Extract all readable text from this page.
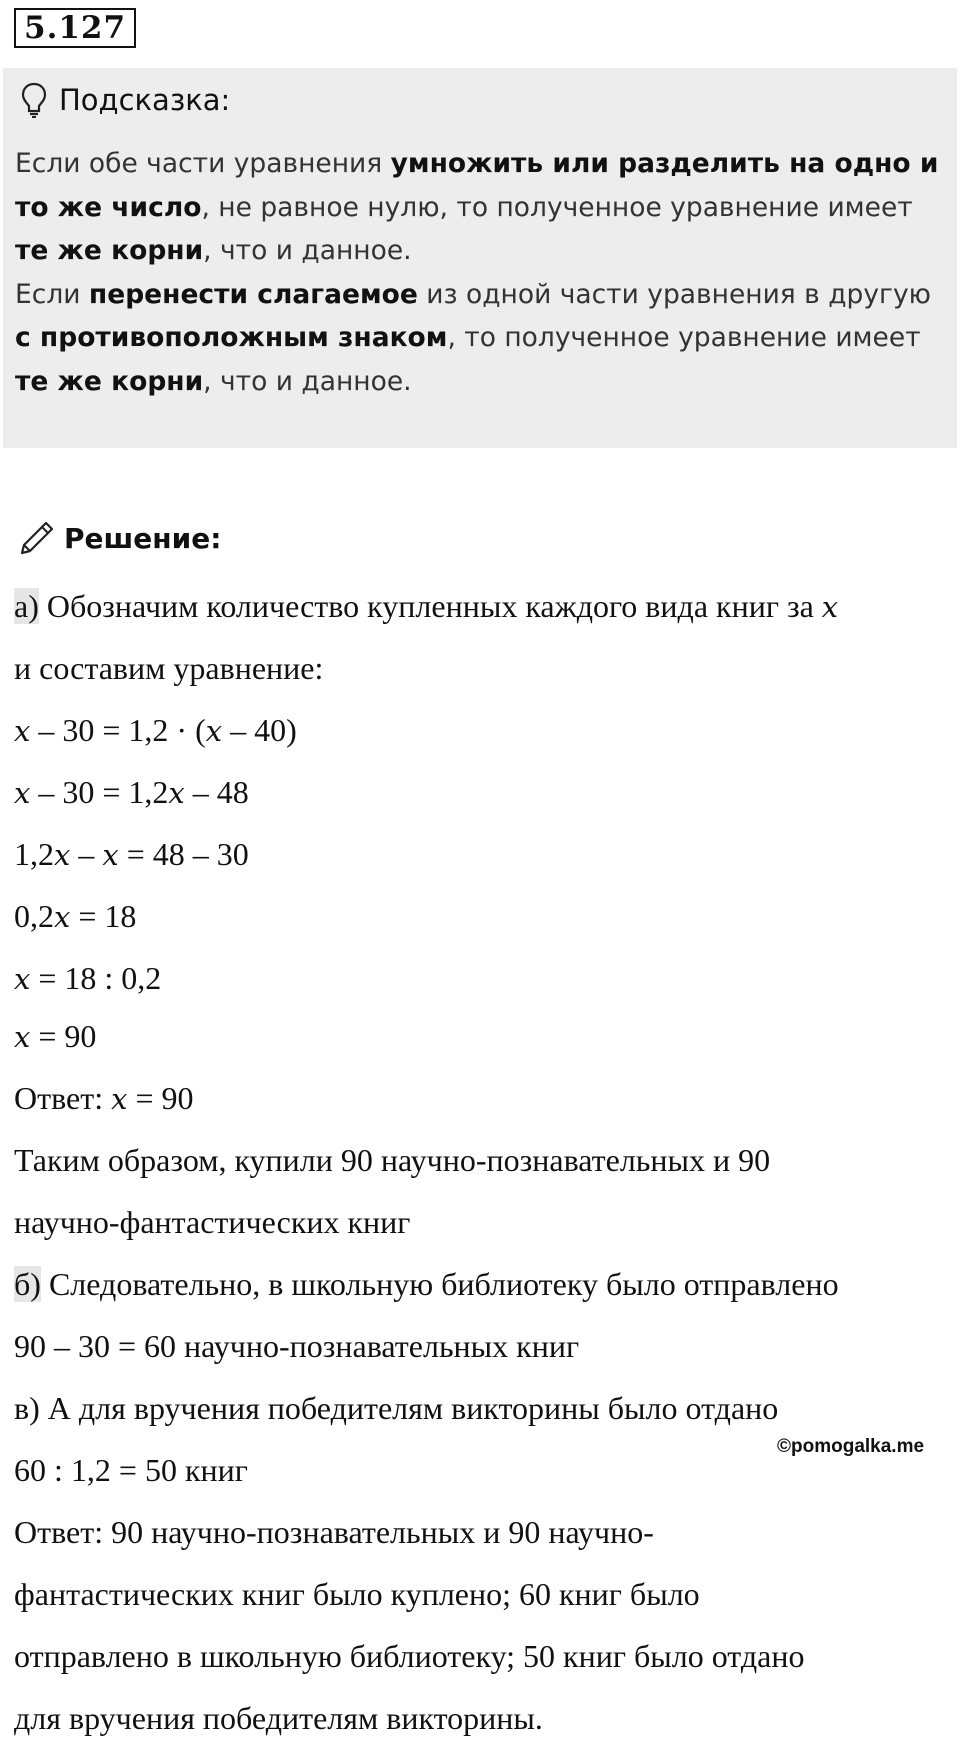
5.127
Подсказка:
Если обе части уравнения умножить или разделить на одно и то же число, не равное нулю, то полученное уравнение имеет те же корни, что и данное.
Если перенести слагаемое из одной части уравнения в другую с противоположным знаком, то полученное уравнение имеет те же корни, что и данное.
Решение:
а) Обозначим количество купленных каждого вида книг за x
и составим уравнение:
x – 30 = 1,2 · (x – 40)
x – 30 = 1,2x – 48
1,2x – x = 48 – 30
0,2x = 18
x = 18 : 0,2
x = 90
Ответ: x = 90
Таким образом, купили 90 научно-познавательных и 90
научно-фантастических книг
б) Следовательно, в школьную библиотеку было отправлено
90 – 30 = 60 научно-познавательных книг
в) А для вручения победителям викторины было отдано
©pomogalka.me
60 : 1,2 = 50 книг
Ответ: 90 научно-познавательных и 90 научно-
фантастических книг было куплено; 60 книг было
отправлено в школьную библиотеку; 50 книг было отдано
для вручения победителям викторины.
